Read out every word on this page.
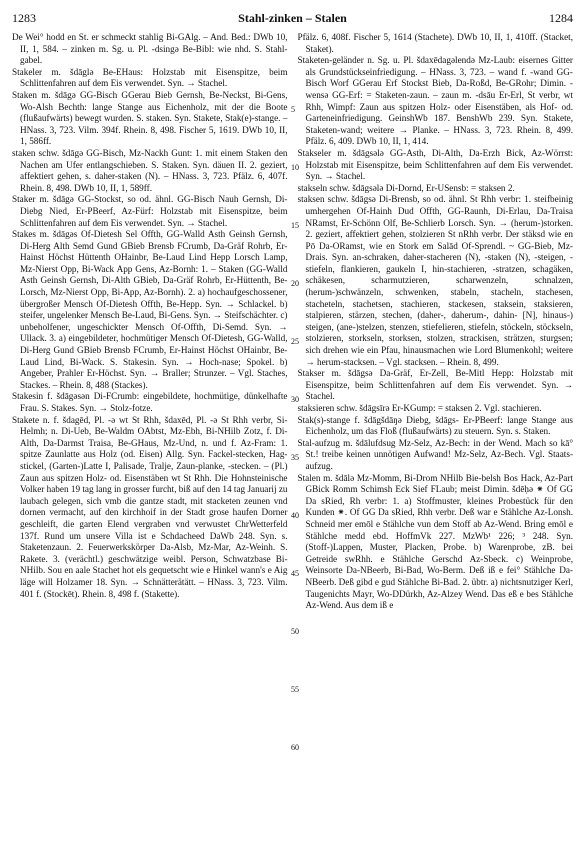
1283	Stahl-zinken – Stalen	1284

De Wei° hodd en St. er schmeckt stahlig Bi-GAlg. – And. Bed.: DWb 10, II, 1, 584. – zinken m. Sg. u. Pl. -dsingə Be-Bibl: wie nhd. S. Stahl-gabel.

Stakeler m. šdāglə Be-EHaus: Holzstab mit Eisenspitze, beim Schlittenfahren auf dem Eis verwendet. Syn. → Stachel.

Staken m. šdāgə GG-Bisch GGerau Bieb Gernsh, Be-Neckst, Bi-Gens, Wo-Alsh Bechth: lange Stange aus Eichenholz, mit der die Boote (flußaufwärts) bewegt wurden. S. staken. Syn. Stakete, Stak(e)-stange. – HNass. 3, 723. Vilm. 394f. Rhein. 8, 498. Fischer 5, 1619. DWb 10, II, 1, 586ff.

staken schw. šdāgə GG-Bisch, Mz-Nackh Gunt: 1. mit einem Staken den Nachen am Ufer entlangschieben. S. Staken. Syn. däuen II. 2. geziert, affektiert gehen, s. daher-staken (N). – HNass. 3, 723. Pfälz. 6, 407f. Rhein. 8, 498. DWb 10, II, 1, 589ff.

Staker m. šdāgə GG-Stockst, so od. ähnl. GG-Bisch Nauh Gernsh, Di-Diebg Nied, Er-PBeerf, Az-Fürf: Holzstab mit Eisenspitze, beim Schlittenfahren auf dem Eis verwendet. Syn. → Stachel.

Stakes m. šdāgəs Of-Dietesh Sel Offth, GG-Walld Asth Geinsh Gernsh, Di-Herg Alth Semd Gund GBieb Brensb FCrumb, Da-Gräf Rohrb, Er-Hainst Höchst Hüttenth OHainbr, Be-Laud Lind Hepp Lorsch Lamp, Mz-Nierst Opp, Bi-Wack App Gens, Az-Bornh: 1. – Staken (GG-Walld Asth Geinsh Gernsh, Di-Alth GBieb, Da-Gräf Rohrb, Er-Hüttenth, Be-Lorsch, Mz-Nierst Opp, Bi-App, Az-Bornh). 2. a) hochaufgeschossener, übergroßer Mensch Of-Dietesh Offth, Be-Hepp. Syn. → Schlackel. b) steifer, ungelenker Mensch Be-Laud, Bi-Gens. Syn. → Steifschächter. c) unbeholfener, ungeschickter Mensch Of-Offth, Di-Semd. Syn. → Ullack. 3. a) eingebildeter, hochmütiger Mensch Of-Dietesh, GG-Walld, Di-Herg Gund GBieb Brensb FCrumb, Er-Hainst Höchst OHainbr, Be-Laud Lind, Bi-Wack. S. Stakesin. Syn. → Hoch-nase; Spokel. b) Angeber, Prahler Er-Höchst. Syn. → Braller; Strunzer. – Vgl. Staches, Stackes. – Rhein. 8, 488 (Stackes).

Stakesin f. šdāgəsən Di-FCrumb: eingebildete, hochmütige, dünkelhafte Frau. S. Stakes. Syn. → Stolz-fotze.

Stakete n. f. šdagēd, Pl. -ə wt St Rhh, šdaxēd, Pl. -ə St Rhh verbr, Si-Helmh; n. Di-Ueb, Be-Waldm OAbtst, Mz-Ebh, Bi-NHilb Zotz, f. Di-Alth, Da-Darmst Traisa, Be-GHaus, Mz-Und, n. und f. Az-Fram: 1. spitze Zaunlatte aus Holz (od. Eisen) Allg. Syn. Fackel-stecken, Hag-stickel, (Garten-)Latte I, Palisade, Tralje, Zaun-planke, -stecken. – (Pl.) Zaun aus spitzen Holz- od. Eisenstäben wt St Rhh. Die Hohnsteinische Volker haben 19 tag lang in grosser furcht, biß auf den 14 tag Januarij zu laubach gelegen, sich vmb die gantze stadt, mit stacketen zeunen vnd dornen vermacht, auf den kirchhoif in der Stadt grose haufen Dorner geschleift, die garten Elend vergraben vnd verwustet ChrWetterfeld 137f. Rund um unsere Villa ist e Schdacheed DaWb 248. Syn. s. Staketenzaun. 2. Feuerwerkskörper Da-Alsb, Mz-Mar, Az-Weinh. S. Rakete. 3. (verächtl.) geschwätzige weibl. Person, Schwatzbase Bi-NHilb. Sou en aale Stachet hot els gequetscht wie e Hinkel wann's e Aig läge will Holzamer 18. Syn. → Schnätterätätt. – HNass. 3, 723. Vilm. 401 f. (Stockēt). Rhein. 8, 498 f. (Stakette).

Pfälz. 6, 408f. Fischer 5, 1614 (Stachete). DWb 10, II, 1, 410ff. (Stacket, Staket).

Staketen-geländer n. Sg. u. Pl. šdaxēdagəlendə Mz-Laub: eisernes Gitter als Grundstückseinfriedigung. – HNass. 3, 723. – wand f. -wand GG-Bisch Worf GGerau Erf Stockst Bieb, Da-Roßd, Be-GRohr; Dimin. -wensə GG-Erf: = Staketen-zaun. – zaun m. -dsāu Er-Erl, St verbr, wt Rhh, Wimpf: Zaun aus spitzen Holz- oder Eisenstäben, als Hof- od. Garteneinfriedigung. GeinshWb 187. BenshWb 239. Syn. Stakete, Staketen-wand; weitere → Planke. – HNass. 3, 723. Rhein. 8, 499. Pfälz. 6, 409. DWb 10, II, 1, 414.

Stakseler m. šdāgsələ GG-Asth, Di-Alth, Da-Erzh Bick, Az-Wörrst: Holzstab mit Eisenspitze, beim Schlittenfahren auf dem Eis verwendet. Syn. → Stachel.

stakseln schw. šdāgsələ Di-Dornd, Er-USensb: = staksen 2.

staksen schw. šdāgsə Di-Brensb, so od. ähnl. St Rhh verbr: 1. steifbeinig umhergehen Of-Hainh Dud Offth, GG-Raunh, Di-Erlau, Da-Traisa NRamst, Er-Schönn Olf, Be-Schlierb Lorsch. Syn. → (herum-)storken. 2. geziert, affektiert gehen, stolzieren St nRhh verbr. Der stäksd wie en Pō Da-ORamst, wie en Stork em Salād Of-Sprendl. ~ GG-Bieb, Mz-Drais. Syn. an-schraken, daher-stacheren (N), -staken (N), -steigen, -stiefeln, flankieren, gaukeln I, hin-stachieren, -stratzen, schagäken, schäkesen, scharmutzieren, scharwenzeln, schnalzen, (herum-)schwänzeln, schwenken, stabeln, stacheln, stachesen, stacheteln, stachetsen, stachieren, stackesen, staksein, staksieren, stalpieren, stärzen, stechen, (daher-, daherum-, dahin- [N], hinaus-) steigen, (ane-)stelzen, stenzen, stiefelieren, stiefeln, stöckeln, stöckseln, stolzieren, storkseln, storksen, stolzen, strackisen, strätzen, sturgsen; sich drehen wie ein Pfau, hinausmachen wie Lord Blumenkohl; weitere → herum-stacksen. – Vgl. stacksen. – Rhein. 8, 499.

Stakser m. šdāgsə Da-Gräf, Er-Zell, Be-Mitl Hepp: Holzstab mit Eisenspitze, beim Schlittenfahren auf dem Eis verwendet. Syn. → Stachel.

staksieren schw. šdāgsīrə Er-KGump: = staksen 2. Vgl. stachieren.

Stak(s)-stange f. šdāgšdāŋə Diebg, šdāgs- Er-PBeerf: lange Stange aus Eichenholz, um das Floß (flußaufwärts) zu steuern. Syn. s. Staken.

Stal-aufzug m. šdālufdsug Mz-Selz, Az-Bech: in der Wend. Mach so kā° St.! treibe keinen unnötigen Aufwand! Mz-Selz, Az-Bech. Vgl. Staats-aufzug.

Stalen m. šdālə Mz-Momm, Bi-Drom NHilb Bie-belsh Bos Hack, Az-Part GBick Romm Schimsh Eck Sief FLaub; meist Dimin. šdēḥə ⁕ Of GG Da sRied, Rh verbr: 1. a) Stoffmuster, kleines Probestück für den Kunden ⁕. Of GG Da sRied, Rhh verbr. Deß war e Stählche Az-Lonsh. Schneid mer emōl e Stählche vun dem Stoff ab Az-Wend. Bring emōl e Stählche medd ebd. HoffmVk 227. MzWb¹ 226; ³ 248. Syn. (Stoff-)Lappen, Muster, Placken, Probe. b) Warenprobe, zB. bei Getreide swRhh. e Stählche Gerschd Az-Sbeck. c) Weinprobe, Weinsorte Da-NBeerb, Bi-Bad, Wo-Berm. Deß iß e fei° Stählche Da-NBeerb. Deß gibd e gud Stählche Bi-Bad. 2. übtr. a) nichtsnutziger Kerl, Taugenichts Mayr, Wo-DDürkh, Az-Alzey Wend. Das eß e bes Stählche Az-Wend. Aus dem iß e

5
10
15
20
25
30
35
40
45
50
55
60
